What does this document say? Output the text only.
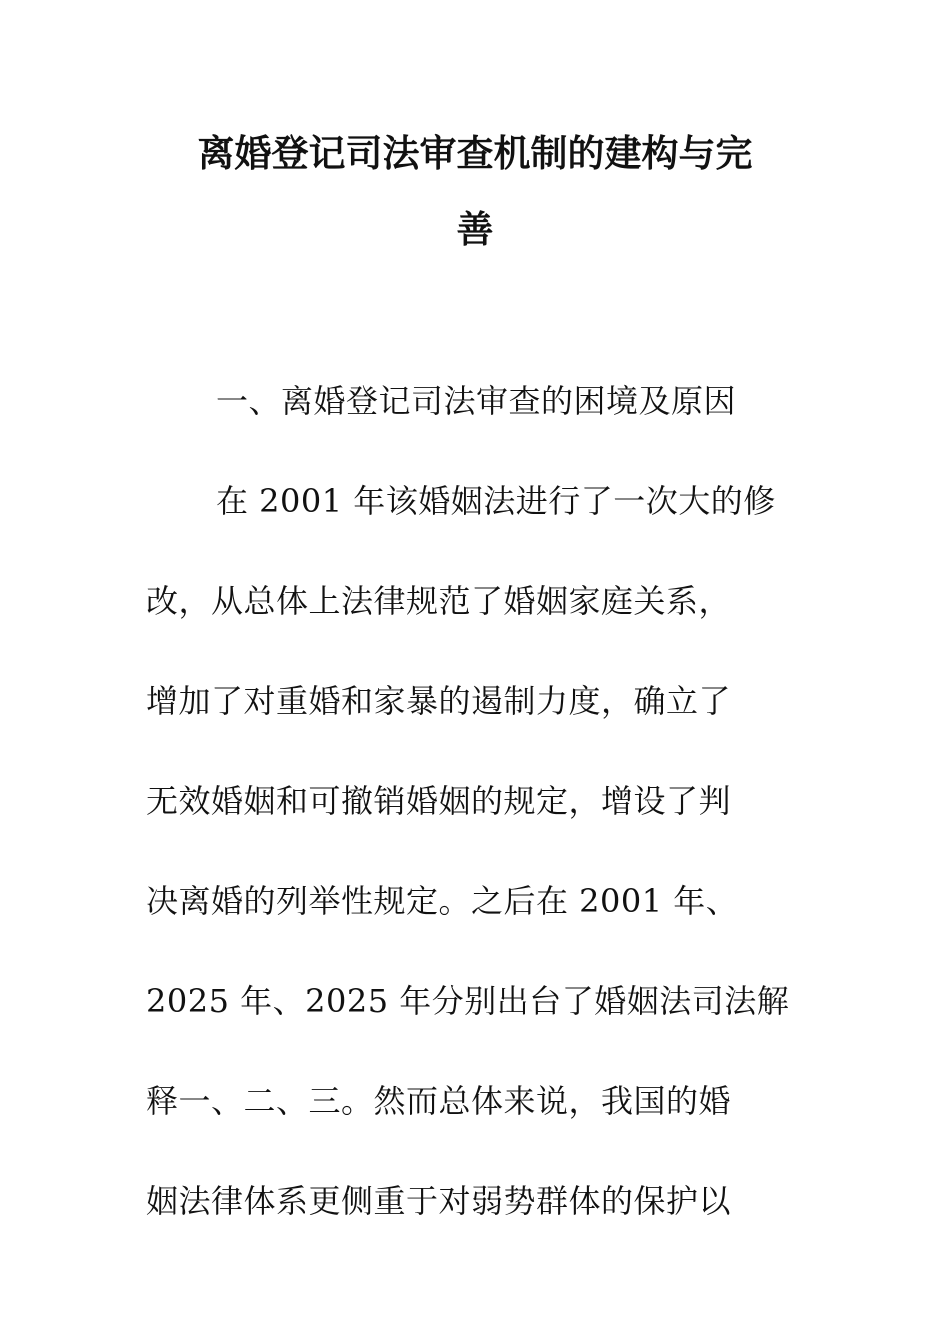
离婚登记司法审查机制的建构与完
善
一、离婚登记司法审查的困境及原因
在 2001 年该婚姻法进行了一次大的修
改，从总体上法律规范了婚姻家庭关系，
增加了对重婚和家暴的遏制力度，确立了
无效婚姻和可撤销婚姻的规定，增设了判
决离婚的列举性规定。之后在 2001 年、
2025 年、2025 年分别出台了婚姻法司法解
释一、二、三。然而总体来说，我国的婚
姻法律体系更侧重于对弱势群体的保护以
